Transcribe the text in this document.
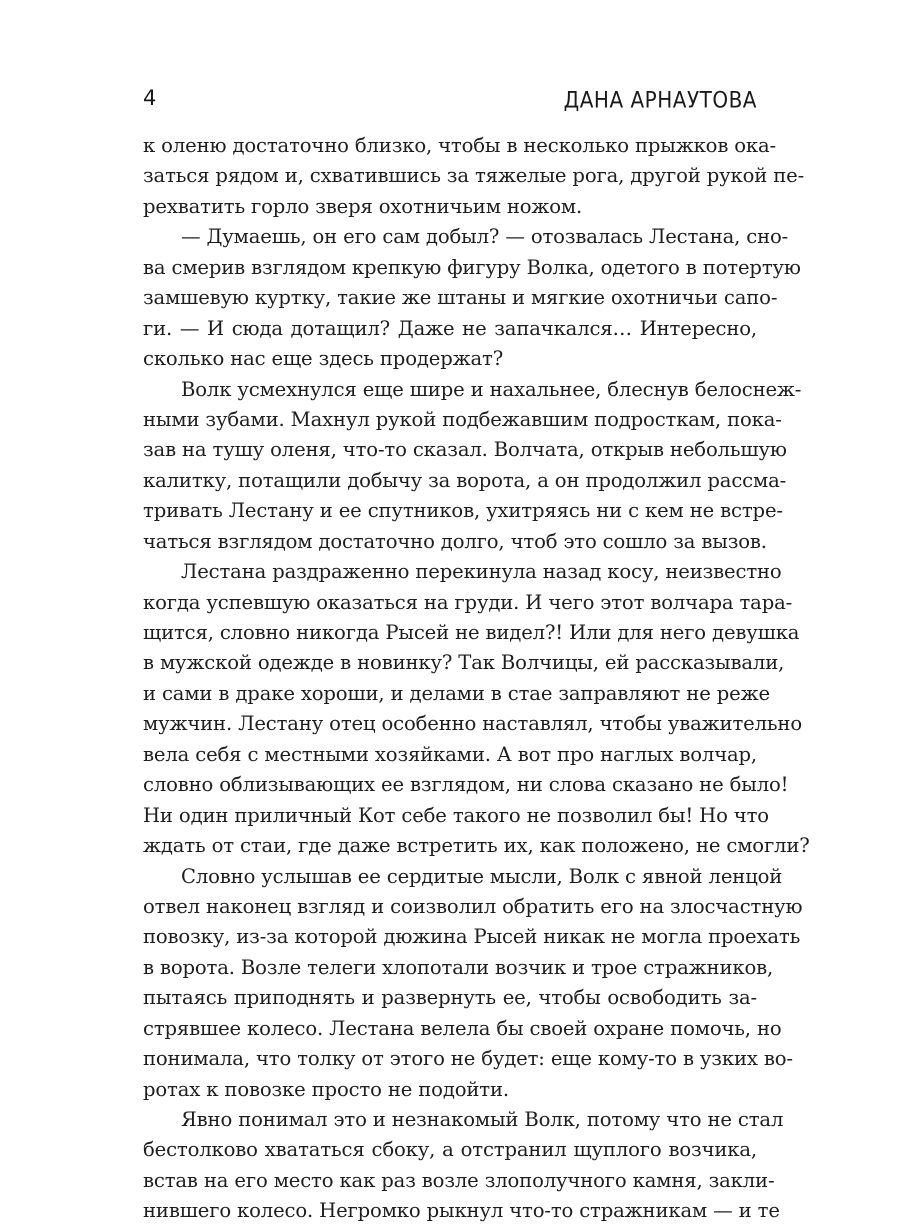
4	ДАНА АРНАУТОВА
к оленю достаточно близко, чтобы в несколько прыжков ока-
заться рядом и, схватившись за тяжелые рога, другой рукой пе-
рехватить горло зверя охотничьим ножом.
— Думаешь, он его сам добыл? — отозвалась Лестана, сно-
ва смерив взглядом крепкую фигуру Волка, одетого в потертую
замшевую куртку, такие же штаны и мягкие охотничьи сапо-
ги. — И сюда дотащил? Даже не запачкался… Интересно,
сколько нас еще здесь продержат?
Волк усмехнулся еще шире и нахальнее, блеснув белоснеж-
ными зубами. Махнул рукой подбежавшим подросткам, пока-
зав на тушу оленя, что-то сказал. Волчата, открыв небольшую
калитку, потащили добычу за ворота, а он продолжил рассма-
тривать Лестану и ее спутников, ухитряясь ни с кем не встре-
чаться взглядом достаточно долго, чтоб это сошло за вызов.
Лестана раздраженно перекинула назад косу, неизвестно
когда успевшую оказаться на груди. И чего этот волчара тара-
щится, словно никогда Рысей не видел?! Или для него девушка
в мужской одежде в новинку? Так Волчицы, ей рассказывали,
и сами в драке хороши, и делами в стае заправляют не реже
мужчин. Лестану отец особенно наставлял, чтобы уважительно
вела себя с местными хозяйками. А вот про наглых волчар,
словно облизывающих ее взглядом, ни слова сказано не было!
Ни один приличный Кот себе такого не позволил бы! Но что
ждать от стаи, где даже встретить их, как положено, не смогли?
Словно услышав ее сердитые мысли, Волк с явной ленцой
отвел наконец взгляд и соизволил обратить его на злосчастную
повозку, из-за которой дюжина Рысей никак не могла проехать
в ворота. Возле телеги хлопотали возчик и трое стражников,
пытаясь приподнять и развернуть ее, чтобы освободить за-
стрявшее колесо. Лестана велела бы своей охране помочь, но
понимала, что толку от этого не будет: еще кому-то в узких во-
ротах к повозке просто не подойти.
Явно понимал это и незнакомый Волк, потому что не стал
бестолково хвататься сбоку, а отстранил щуплого возчика,
встав на его место как раз возле злополучного камня, закли-
нившего колесо. Негромко рыкнул что-то стражникам — и те
